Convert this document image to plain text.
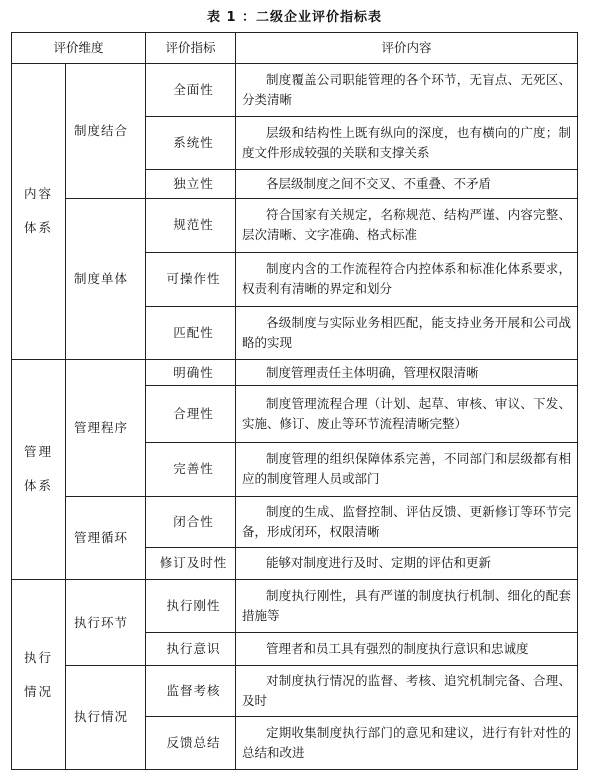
表 1 ：二级企业评价指标表
评价维度		评价指标	评价内容

内容
体系	制度结合	全面性	制度覆盖公司职能管理的各个环节，无盲点、无死区、分类清晰
		系统性	层级和结构性上既有纵向的深度，也有横向的广度；制度文件形成较强的关联和支撑关系
		独立性	各层级制度之间不交叉、不重叠、不矛盾
	制度单体	规范性	符合国家有关规定，名称规范、结构严谨、内容完整、层次清晰、文字准确、格式标准
		可操作性	制度内含的工作流程符合内控体系和标准化体系要求，权责利有清晰的界定和划分
		匹配性	各级制度与实际业务相匹配，能支持业务开展和公司战略的实现

管理
体系	管理程序	明确性	制度管理责任主体明确，管理权限清晰
		合理性	制度管理流程合理（计划、起草、审核、审议、下发、实施、修订、废止等环节流程清晰完整）
		完善性	制度管理的组织保障体系完善，不同部门和层级都有相应的制度管理人员或部门
	管理循环	闭合性	制度的生成、监督控制、评估反馈、更新修订等环节完备，形成闭环，权限清晰
		修订及时性	能够对制度进行及时、定期的评估和更新

执行
情况	执行环节	执行刚性	制度执行刚性，具有严谨的制度执行机制、细化的配套措施等
		执行意识	管理者和员工具有强烈的制度执行意识和忠诚度
	执行情况	监督考核	对制度执行情况的监督、考核、追究机制完备、合理、及时
		反馈总结	定期收集制度执行部门的意见和建议，进行有针对性的总结和改进
